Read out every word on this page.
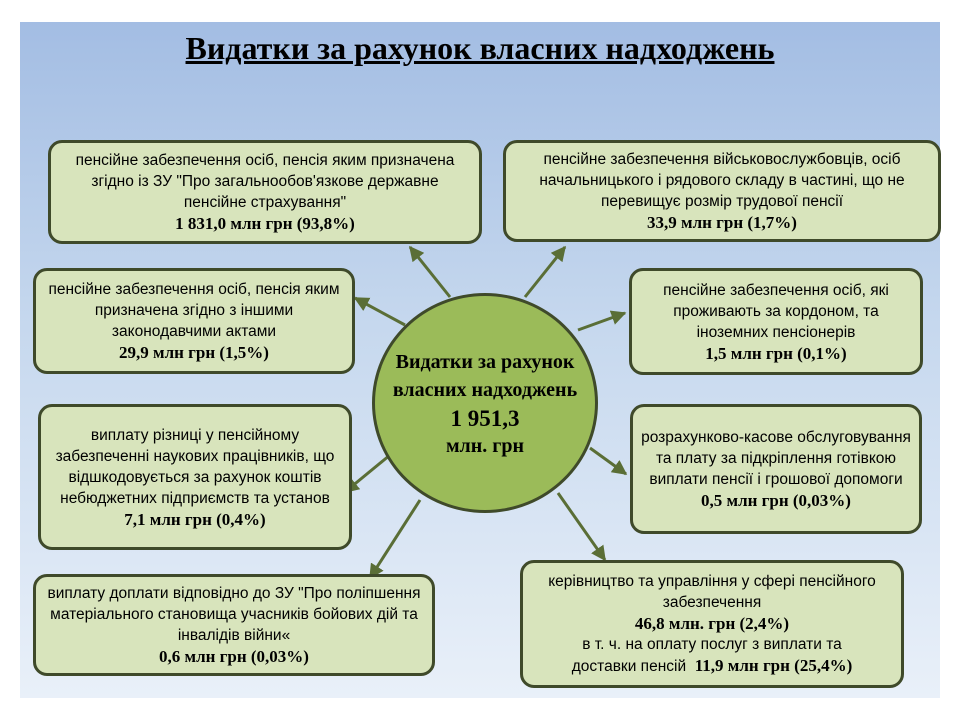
Видатки за рахунок власних надходжень
пенсійне забезпечення осіб, пенсія яким призначена згідно із ЗУ "Про загальнообов'язкове державне пенсійне страхування"
1 831,0 млн грн (93,8%)
пенсійне забезпечення військовослужбовців, осіб начальницького і рядового складу в частині, що не перевищує розмір трудової пенсії
33,9 млн грн (1,7%)
пенсійне забезпечення осіб, пенсія яким призначена згідно з іншими законодавчими актами
29,9 млн грн (1,5%)
пенсійне забезпечення осіб, які проживають за кордоном, та іноземних пенсіонерів
1,5 млн грн (0,1%)
виплату різниці у пенсійному забезпеченні наукових працівників, що відшкодовується за рахунок коштів небюджетних підприємств та установ
7,1 млн грн (0,4%)
розрахунково-касове обслуговування та плату за підкріплення готівкою виплати пенсії і грошової допомоги
0,5 млн грн (0,03%)
виплату доплати відповідно до ЗУ "Про поліпшення матеріального становища учасників бойових дій та інвалідів війни«
0,6 млн грн (0,03%)
керівництво та управління у сфері пенсійного забезпечення
46,8 млн. грн (2,4%)
в т. ч. на оплату послуг з виплати та
доставки пенсій 11,9 млн грн (25,4%)
Видатки за рахунок власних надходжень
1 951,3
млн. грн
